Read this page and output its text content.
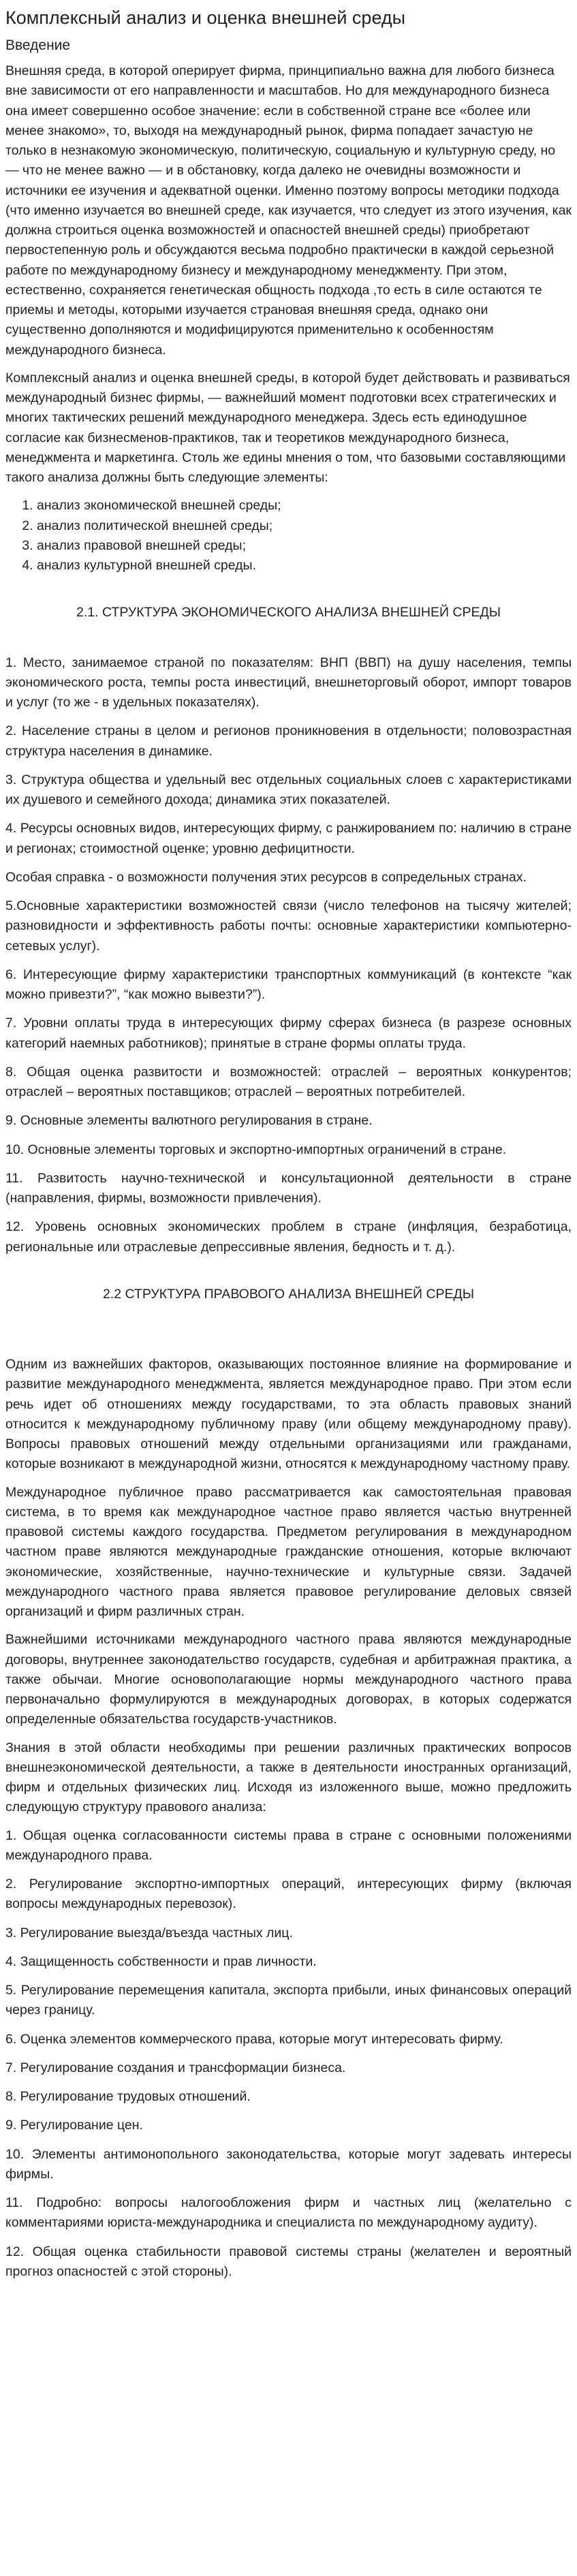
Комплексный анализ и оценка внешней среды
Введение

Внешняя среда, в которой оперирует фирма, принципиально важна для любого бизнеса вне зависимости от его направленности и масштабов. Но для международного бизнеса она имеет совершенно особое значение: если в собственной стране все «более или менее знакомо», то, выходя на международный рынок, фирма попадает зачастую не только в незнакомую экономическую, политическую, социальную и культурную среду, но — что не менее важно — и в обстановку, когда далеко не очевидны возможности и источники ее изучения и адекватной оценки. Именно поэтому вопросы методики подхода (что именно изучается во внешней среде, как изучается, что следует из этого изучения, как должна строиться оценка возможностей и опасностей внешней среды) приобретают первостепенную роль и обсуждаются весьма подробно практически в каждой серьезной работе по международному бизнесу и международному менеджменту. При этом, естественно, сохраняется генетическая общность подхода ,то есть в силе остаются те приемы и методы, которыми изучается страновая внешняя среда, однако они существенно дополняются и модифицируются применительно к особенностям международного бизнеса.

Комплексный анализ и оценка внешней среды, в которой будет действовать и развиваться международный бизнес фирмы, — важнейший момент подготовки всех стратегических и многих тактических решений международного менеджера. Здесь есть единодушное согласие как бизнесменов-практиков, так и теоретиков международного бизнеса, менеджмента и маркетинга. Столь же едины мнения о том, что базовыми составляющими такого анализа должны быть следующие элементы:

1. анализ экономической внешней среды;
2. анализ политической внешней среды;
3. анализ правовой внешней среды;
4. анализ культурной внешней среды.
2.1. СТРУКТУРА ЭКОНОМИЧЕСКОГО АНАЛИЗА ВНЕШНЕЙ СРЕДЫ

1. Место, занимаемое страной по показателям: ВНП (ВВП) на душу населения, темпы экономического роста, темпы роста инвестиций, внешнеторговый оборот, импорт товаров и услуг (то же - в удельных показателях).

2. Население страны в целом и регионов проникновения в отдельности; половозрастная структура населения в динамике.

3. Структура общества и удельный вес отдельных социальных слоев с характеристиками их душевого и семейного дохода; динамика этих показателей.

4. Ресурсы основных видов, интересующих фирму, с ранжированием по: наличию в стране и регионах; стоимостной оценке; уровню дефицитности.

Особая справка - о возможности получения этих ресурсов в сопредельных странах.

5.Основные характеристики возможностей связи (число телефонов на тысячу жителей; разновидности и эффективность работы почты: основные характеристики компьютерно-сетевых услуг).

6. Интересующие фирму характеристики транспортных коммуникаций (в контексте “как можно привезти?”, “как можно вывезти?”).

7. Уровни оплаты труда в интересующих фирму сферах бизнеса (в разрезе основных категорий наемных работников); принятые в стране формы оплаты труда.

8. Общая оценка развитости и возможностей: отраслей – вероятных конкурентов; отраслей – вероятных поставщиков; отраслей – вероятных потребителей.

9. Основные элементы валютного регулирования в стране.

10. Основные элементы торговых и экспортно-импортных ограничений в стране.

11. Развитость научно-технической и консультационной деятельности в стране (направления, фирмы, возможности привлечения).

12. Уровень основных экономических проблем в стране (инфляция, безработица, региональные или отраслевые депрессивные явления, бедность и т. д.).

2.2 СТРУКТУРА ПРАВОВОГО АНАЛИЗА ВНЕШНЕЙ СРЕДЫ

Одним из важнейших факторов, оказывающих постоянное влияние на формирование и развитие международного менеджмента, является международное право. При этом если речь идет об отношениях между государствами, то эта область правовых знаний относится к международному публичному праву (или общему международному праву). Вопросы правовых отношений между отдельными организациями или гражданами, которые возникают в международной жизни, относятся к международному частному праву.

Международное публичное право рассматривается как самостоятельная правовая система, в то время как международное частное право является частью внутренней правовой системы каждого государства. Предметом регулирования в международном частном праве являются международные гражданские отношения, которые включают экономические, хозяйственные, научно-технические и культурные связи. Задачей международного частного права является правовое регулирование деловых связей организаций и фирм различных стран.

Важнейшими источниками международного частного права являются международные договоры, внутреннее законодательство государств, судебная и арбитражная практика, а также обычаи. Многие основополагающие нормы международного частного права первоначально формулируются в международных договорах, в которых содержатся определенные обязательства государств-участников.

Знания в этой области необходимы при решении различных практических вопросов внешнеэкономической деятельности, а также в деятельности иностранных организаций, фирм и отдельных физических лиц. Исходя из изложенного выше, можно предложить следующую структуру правового анализа:

1. Общая оценка согласованности системы права в стране с основными положениями международного права.

2. Регулирование экспортно-импортных операций, интересующих фирму (включая вопросы международных перевозок).

3. Регулирование выезда/въезда частных лиц.

4. Защищенность собственности и прав личности.

5. Регулирование перемещения капитала, экспорта прибыли, иных финансовых операций через границу.

6. Оценка элементов коммерческого права, которые могут интересовать фирму.

7. Регулирование создания и трансформации бизнеса.

8. Регулирование трудовых отношений.

9. Регулирование цен.

10. Элементы антимонопольного законодательства, которые могут задевать интересы фирмы.

11. Подробно: вопросы налогообложения фирм и частных лиц (желательно с комментариями юриста-международника и специалиста по международному аудиту).

12. Общая оценка стабильности правовой системы страны (желателен и вероятный прогноз опасностей с этой стороны).
